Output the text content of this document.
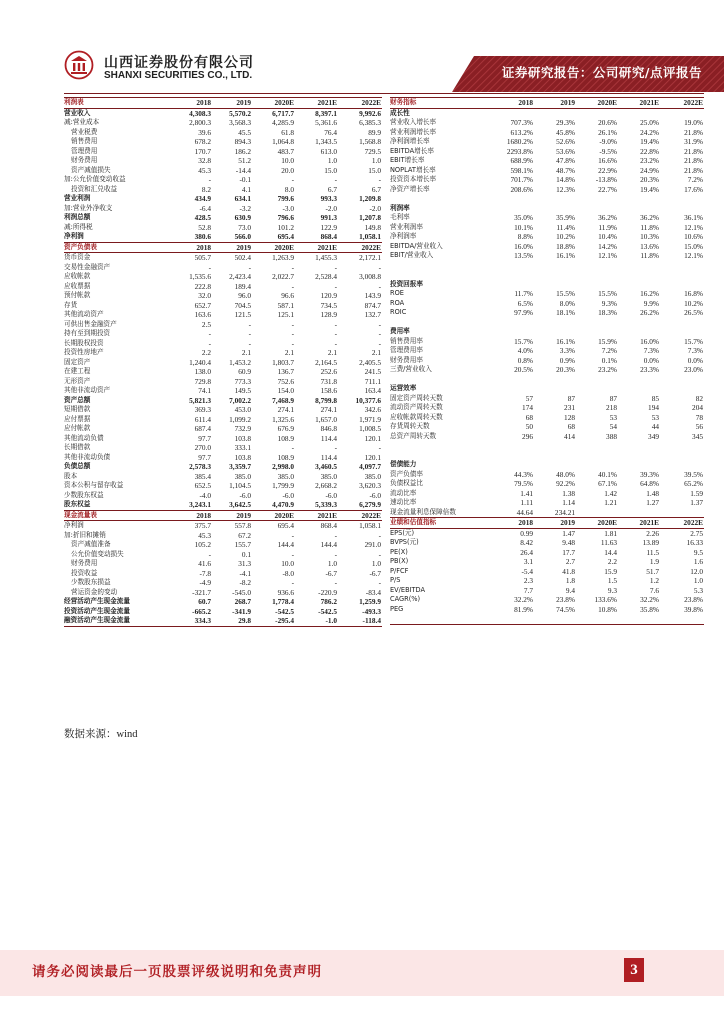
山西证券股份有限公司
SHANXI SECURITIES CO., LTD.	证券研究报告：公司研究/点评报告
利润表	2018	2019	2020E	2021E	2022E
营业收入	4,308.3	5,570.2	6,717.7	8,397.1	9,992.6
减:营业成本	2,800.3	3,568.3	4,285.9	5,361.6	6,385.3
营业税费	39.6	45.5	61.8	76.4	89.9
销售费用	678.2	894.3	1,064.8	1,343.5	1,568.8
管理费用	170.7	186.2	483.7	613.0	729.5
财务费用	32.8	51.2	10.0	1.0	1.0
资产减值损失	45.3	-14.4	20.0	15.0	15.0
加:公允价值变动收益	-	-0.1	-	-	-
投资和汇兑收益	8.2	4.1	8.0	6.7	6.7
营业利润	434.9	634.1	799.6	993.3	1,209.8
加:营业外净收支	-6.4	-3.2	-3.0	-2.0	-2.0
利润总额	428.5	630.9	796.6	991.3	1,207.8
减:所得税	52.8	73.0	101.2	122.9	149.8
净利润	380.6	566.0	695.4	868.4	1,058.1
资产负债表	2018	2019	2020E	2021E	2022E
货币资金	505.7	502.4	1,263.9	1,455.3	2,172.1
交易性金融资产	-	-	-	-	-
应收帐款	1,535.6	2,423.4	2,022.7	2,528.4	3,008.8
应收票据	222.8	189.4	-	-	-
预付帐款	32.0	96.0	96.6	120.9	143.9
存货	652.7	704.5	587.1	734.5	874.7
其他流动资产	163.6	121.5	125.1	128.9	132.7
可供出售金融资产	2.5	-	-	-	-
持有至到期投资	-	-	-	-	-
长期股权投资	-	-	-	-	-
投资性房地产	2.2	2.1	2.1	2.1	2.1
固定资产	1,240.4	1,453.2	1,803.7	2,164.5	2,405.5
在建工程	138.0	60.9	136.7	252.6	241.5
无形资产	729.8	773.3	752.6	731.8	711.1
其他非流动资产	74.1	149.5	154.0	158.6	163.4
资产总额	5,821.3	7,002.2	7,468.9	8,799.8	10,377.6
短期借款	369.3	453.0	274.1	274.1	342.6
应付票据	611.4	1,099.2	1,325.6	1,657.0	1,971.9
应付帐款	687.4	732.9	676.9	846.8	1,008.5
其他流动负债	97.7	103.8	108.9	114.4	120.1
长期借款	270.0	333.1	-	-	-
其他非流动负债	97.7	103.8	108.9	114.4	120.1
负债总额	2,578.3	3,359.7	2,998.0	3,460.5	4,097.7
股本	385.4	385.0	385.0	385.0	385.0
资本公积与留存收益	652.5	1,104.5	1,799.9	2,668.2	3,620.3
少数股东权益	-4.0	-6.0	-6.0	-6.0	-6.0
股东权益	3,243.1	3,642.5	4,470.9	5,339.3	6,279.9
现金流量表	2018	2019	2020E	2021E	2022E
净利润	375.7	557.8	695.4	868.4	1,058.1
加:折旧和摊销	45.3	67.2	-	-	-
资产减值准备	105.2	155.7	144.4	144.4	291.0
公允价值变动损失	-	0.1	-	-	-
财务费用	41.6	31.3	10.0	1.0	1.0
投资收益	-7.8	-4.1	-8.0	-6.7	-6.7
少数股东损益	-4.9	-8.2	-	-	-
营运资金的变动	-321.7	-545.0	936.6	-220.9	-83.4
经营活动产生现金流量	60.7	268.7	1,778.4	786.2	1,259.9
投资活动产生现金流量	-665.2	-341.9	-542.5	-542.5	-493.3
融资活动产生现金流量	334.3	29.8	-295.4	-1.0	-118.4
财务指标	2018	2019	2020E	2021E	2022E
成长性					
营业收入增长率	707.3%	29.3%	20.6%	25.0%	19.0%
营业利润增长率	613.2%	45.8%	26.1%	24.2%	21.8%
净利润增长率	1680.2%	52.6%	-9.0%	19.4%	31.9%
EBITDA增长率	2293.8%	53.6%	-9.5%	22.8%	21.8%
EBIT增长率	688.9%	47.8%	16.6%	23.2%	21.8%
NOPLAT增长率	598.1%	48.7%	22.9%	24.9%	21.8%
投资资本增长率	701.7%	14.8%	-13.8%	20.3%	7.2%
净资产增长率	208.6%	12.3%	22.7%	19.4%	17.6%

利润率					
毛利率	35.0%	35.9%	36.2%	36.2%	36.1%
营业利润率	10.1%	11.4%	11.9%	11.8%	12.1%
净利润率	8.8%	10.2%	10.4%	10.3%	10.6%
EBITDA/营业收入	16.0%	18.8%	14.2%	13.6%	15.0%
EBIT/营业收入	13.5%	16.1%	12.1%	11.8%	12.1%

投资回报率					
ROE	11.7%	15.5%	15.5%	16.2%	16.8%
ROA	6.5%	8.0%	9.3%	9.9%	10.2%
ROIC	97.9%	18.1%	18.3%	26.2%	26.5%

费用率					
销售费用率	15.7%	16.1%	15.9%	16.0%	15.7%
管理费用率	4.0%	3.3%	7.2%	7.3%	7.3%
财务费用率	0.8%	0.9%	0.1%	0.0%	0.0%
三费/营业收入	20.5%	20.3%	23.2%	23.3%	23.0%

运营效率					
固定资产周转天数	57	87	87	85	82
流动资产周转天数	174	231	218	194	204
应收帐款周转天数	68	128	53	53	78
存货周转天数	50	68	54	44	56
总资产周转天数	296	414	388	349	345

偿债能力					
资产负债率	44.3%	48.0%	40.1%	39.3%	39.5%
负债权益比	79.5%	92.2%	67.1%	64.8%	65.2%
流动比率	1.41	1.38	1.42	1.48	1.59
速动比率	1.11	1.14	1.21	1.27	1.37
现金流量利息保障倍数	44.64	234.21			
业绩和估值指标	2018	2019	2020E	2021E	2022E
EPS(元)	0.99	1.47	1.81	2.26	2.75
BVPS(元)	8.42	9.48	11.63	13.89	16.33
PE(X)	26.4	17.7	14.4	11.5	9.5
PB(X)	3.1	2.7	2.2	1.9	1.6
P/FCF	-5.4	41.8	15.9	51.7	12.0
P/S	2.3	1.8	1.5	1.2	1.0
EV/EBITDA	7.7	9.4	9.3	7.6	5.3
CAGR(%)	32.2%	23.8%	133.6%	32.2%	23.8%
PEG	81.9%	74.5%	10.8%	35.8%	39.8%

数据来源：wind
请务必阅读最后一页股票评级说明和免责声明	3
